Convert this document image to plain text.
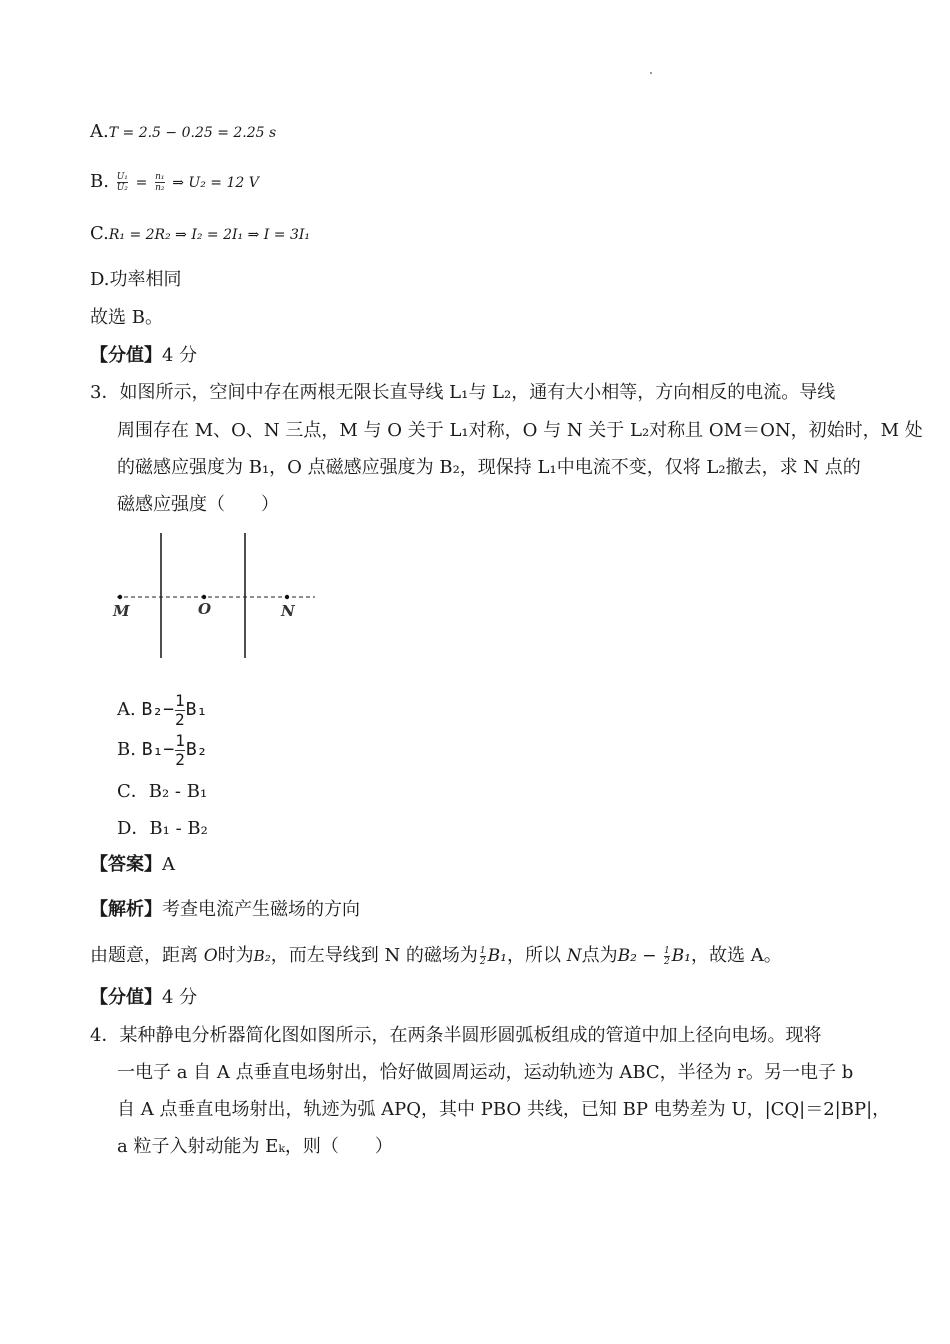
A.T = 2.5 − 0.25 = 2.25 s
B. $\frac{\text{U₁}}{\text{U₂}} = \frac{\text{n₁}}{\text{n₂}}$ ⇒ U₂ = 12 V
C.R₁ = 2R₂ ⇒ I₂ = 2I₁ ⇒ I = 3I₁
D.功率相同
故选 B。
【分值】4 分
3．如图所示，空间中存在两根无限长直导线 L₁与 L₂，通有大小相等，方向相反的电流。导线
周围存在 M、O、N 三点，M 与 O 关于 L₁对称，O 与 N 关于 L₂对称且 OM＝ON，初始时，M 处
的磁感应强度为 B₁，O 点磁感应强度为 B₂，现保持 L₁中电流不变，仅将 L₂撤去，求 N 点的
磁感应强度（　　）
M	O	N
A. $B_2- \frac{1}{2} B_1$
B. $B_1- \frac{1}{2} B_2$
C．B₂ - B₁
D．B₁ - B₂
【答案】A
【解析】考查电流产生磁场的方向
由题意，距离 O时为B₂，而左导线到 N 的磁场为 $\frac{1}{2} B_1$，所以 N点为$B_2 - \frac{1}{2} B_1$，故选 A。
【分值】4 分
4．某种静电分析器简化图如图所示，在两条半圆形圆弧板组成的管道中加上径向电场。现将
一电子 a 自 A 点垂直电场射出，恰好做圆周运动，运动轨迹为 ABC，半径为 r。另一电子 b
自 A 点垂直电场射出，轨迹为弧 APQ，其中 PBO 共线，已知 BP 电势差为 U，|CQ|＝2|BP|，
a 粒子入射动能为 Eₖ，则（　　）
